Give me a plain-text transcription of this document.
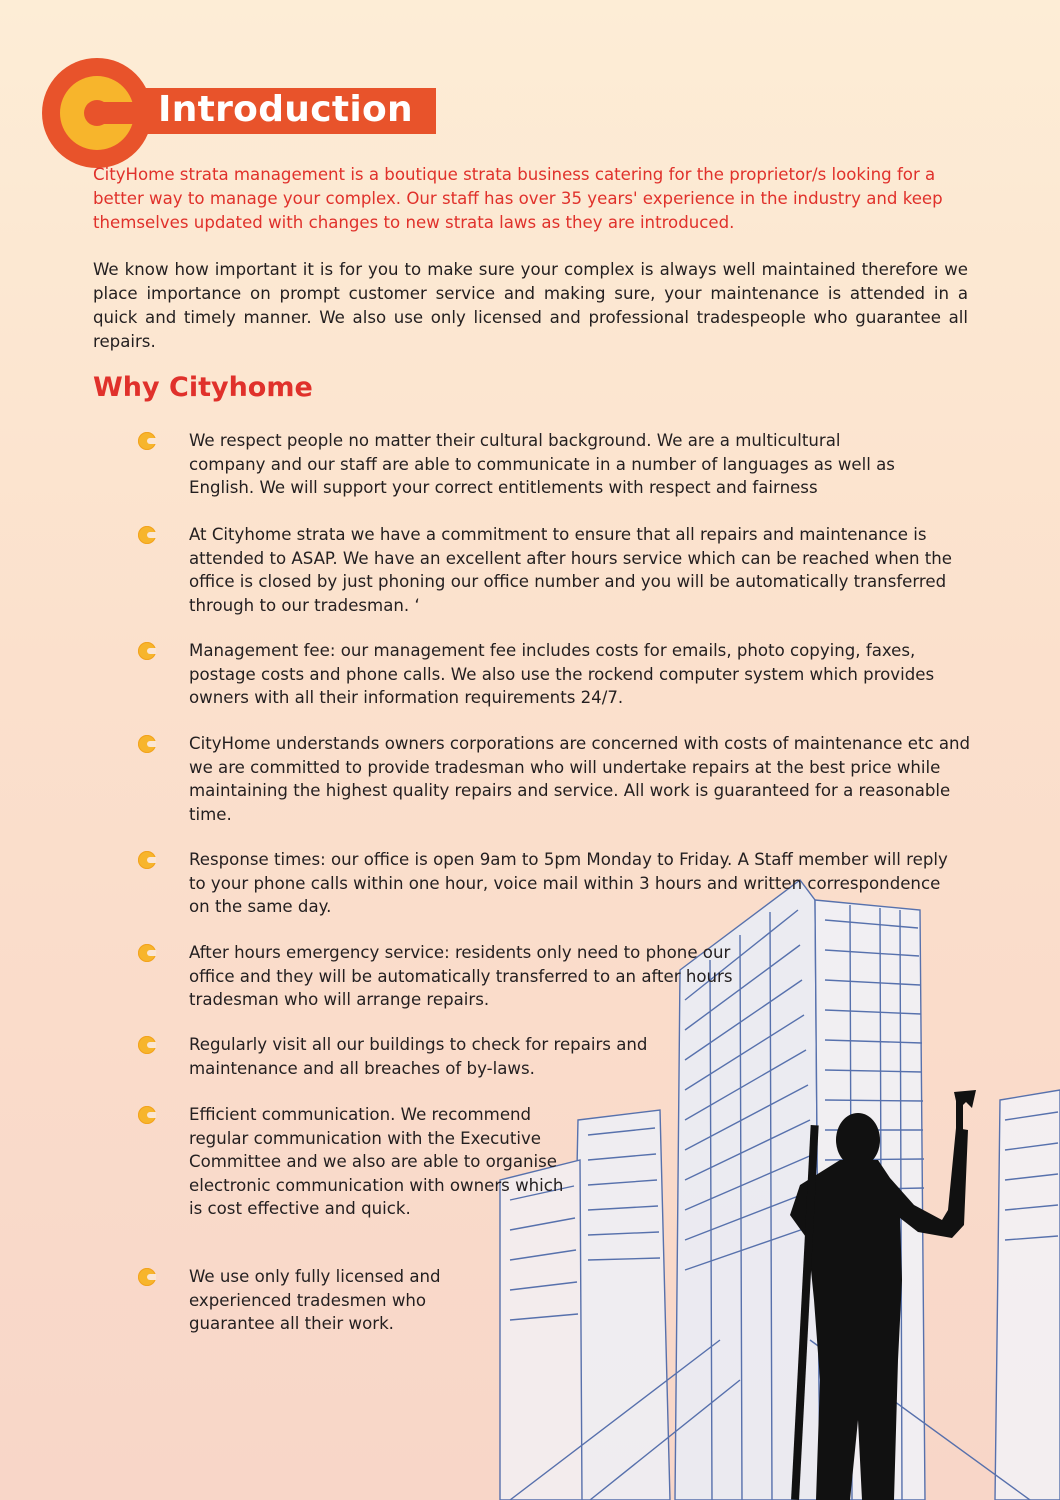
Introduction

CityHome strata management is a boutique strata business catering for the proprietor/s looking for a better way to manage your complex. Our staff has over 35 years' experience in the industry and keep themselves updated with changes to new strata laws as they are introduced.

We know how important it is for you to make sure your complex is always well maintained therefore we place importance on prompt customer service and making sure, your maintenance is attended in a quick and timely manner. We also use only licensed and professional tradespeople who guarantee all repairs.

Why Cityhome

We respect people no matter their cultural background. We are a multicultural company and our staff are able to communicate in a number of languages as well as English. We will support your correct entitlements with respect and fairness

At Cityhome strata we have a commitment to ensure that all repairs and maintenance is attended to ASAP. We have an excellent after hours service which can be reached when the office is closed by just phoning our office number and you will be automatically transferred through to our tradesman. ‘

Management fee: our management fee includes costs for emails, photo copying, faxes, postage costs and phone calls. We also use the rockend computer system which provides owners with all their information requirements 24/7.

CityHome understands owners corporations are concerned with costs of maintenance etc and we are committed to provide tradesman who will undertake repairs at the best price while maintaining the highest quality repairs and service. All work is guaranteed for a reasonable time.

Response times: our office is open 9am to 5pm Monday to Friday. A Staff member will reply to your phone calls within one hour, voice mail within 3 hours and written correspondence on the same day.

After hours emergency service: residents only need to phone our office and they will be automatically transferred to an after hours tradesman who will arrange repairs.

Regularly visit all our buildings to check for repairs and maintenance and all breaches of by-laws.

Efficient communication. We recommend regular communication with the Executive Committee and we also are able to organise electronic communication with owners which is cost effective and quick.

We use only fully licensed and experienced tradesmen who guarantee all their work.
